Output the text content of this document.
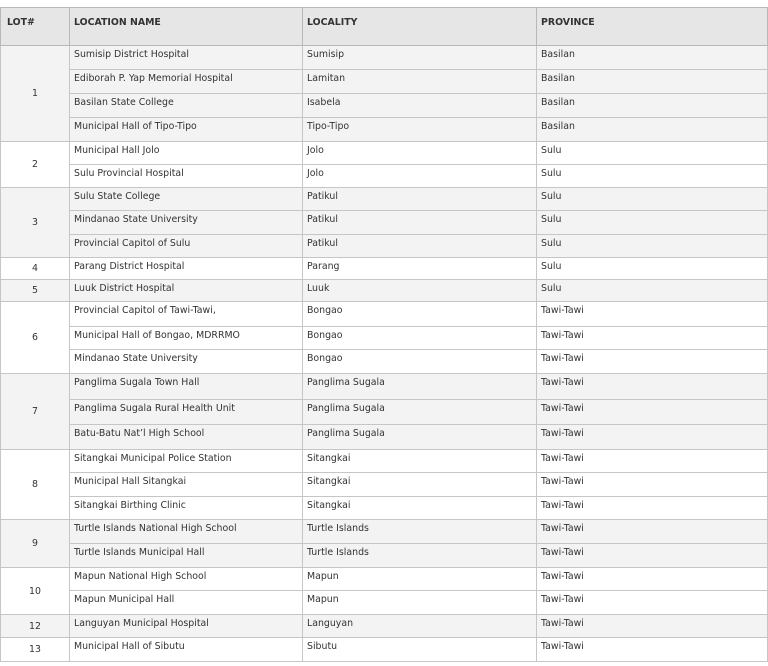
LOT#	LOCATION NAME	LOCALITY	PROVINCE
1	Sumisip District Hospital	Sumisip	Basilan
	Ediborah P. Yap Memorial Hospital	Lamitan	Basilan
	Basilan State College	Isabela	Basilan
	Municipal Hall of Tipo-Tipo	Tipo-Tipo	Basilan
2	Municipal Hall Jolo	Jolo	Sulu
	Sulu Provincial Hospital	Jolo	Sulu
3	Sulu State College	Patikul	Sulu
	Mindanao State University	Patikul	Sulu
	Provincial Capitol of Sulu	Patikul	Sulu
4	Parang District Hospital	Parang	Sulu
5	Luuk District Hospital	Luuk	Sulu
6	Provincial Capitol of Tawi-Tawi,	Bongao	Tawi-Tawi
	Municipal Hall of Bongao, MDRRMO	Bongao	Tawi-Tawi
	Mindanao State University	Bongao	Tawi-Tawi
7	Panglima Sugala Town Hall	Panglima Sugala	Tawi-Tawi
	Panglima Sugala Rural Health Unit	Panglima Sugala	Tawi-Tawi
	Batu-Batu Nat’l High School	Panglima Sugala	Tawi-Tawi
8	Sitangkai Municipal Police Station	Sitangkai	Tawi-Tawi
	Municipal Hall Sitangkai	Sitangkai	Tawi-Tawi
	Sitangkai Birthing Clinic	Sitangkai	Tawi-Tawi
9	Turtle Islands National High School	Turtle Islands	Tawi-Tawi
	Turtle Islands Municipal Hall	Turtle Islands	Tawi-Tawi
10	Mapun National High School	Mapun	Tawi-Tawi
	Mapun Municipal Hall	Mapun	Tawi-Tawi
12	Languyan Municipal Hospital	Languyan	Tawi-Tawi
13	Municipal Hall of Sibutu	Sibutu	Tawi-Tawi
